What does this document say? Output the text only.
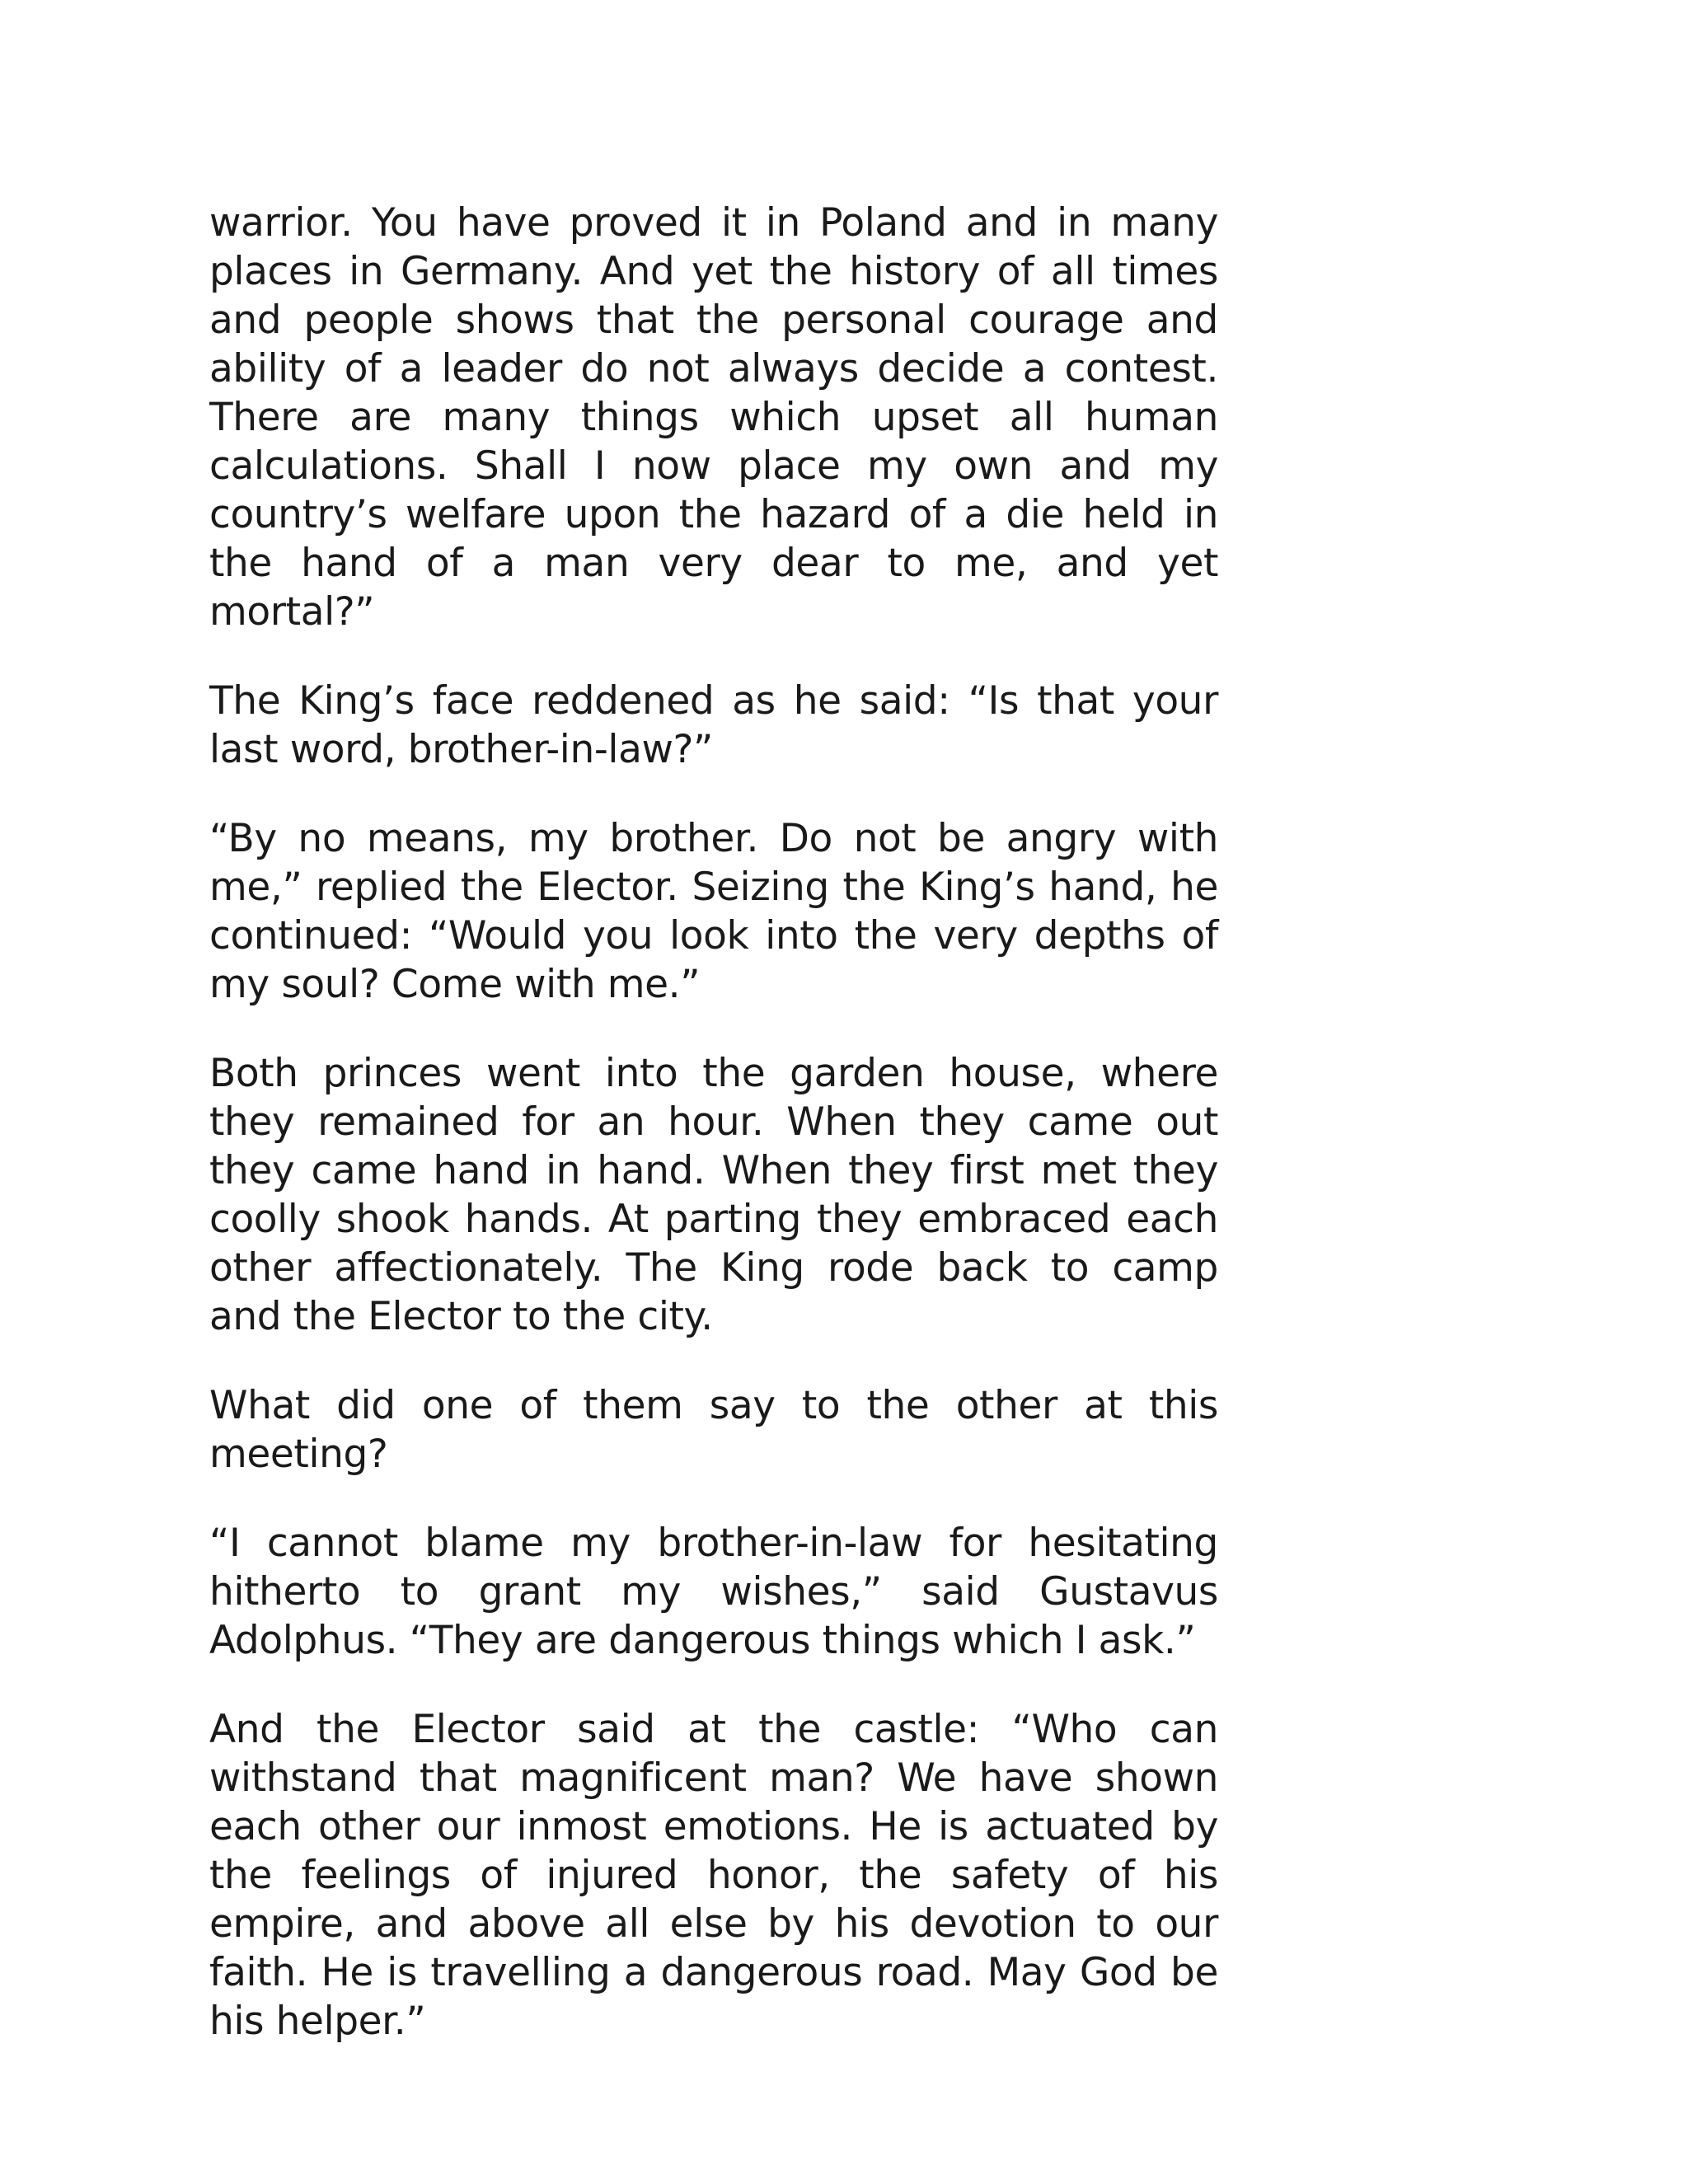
warrior. You have proved it in Poland and in many places in Germany. And yet the history of all times and people shows that the personal courage and ability of a leader do not always decide a contest. There are many things which upset all human calculations. Shall I now place my own and my country’s welfare upon the hazard of a die held in the hand of a man very dear to me, and yet mortal?”

The King’s face reddened as he said: “Is that your last word, brother-in-law?”

“By no means, my brother. Do not be angry with me,” replied the Elector. Seizing the King’s hand, he continued: “Would you look into the very depths of my soul? Come with me.”

Both princes went into the garden house, where they remained for an hour. When they came out they came hand in hand. When they first met they coolly shook hands. At parting they embraced each other affectionately. The King rode back to camp and the Elector to the city.

What did one of them say to the other at this meeting?

“I cannot blame my brother-in-law for hesitating hitherto to grant my wishes,” said Gustavus Adolphus. “They are dangerous things which I ask.”

And the Elector said at the castle: “Who can withstand that magnificent man? We have shown each other our inmost emotions. He is actuated by the feelings of injured honor, the safety of his empire, and above all else by his devotion to our faith. He is travelling a dangerous road. May God be his helper.”
